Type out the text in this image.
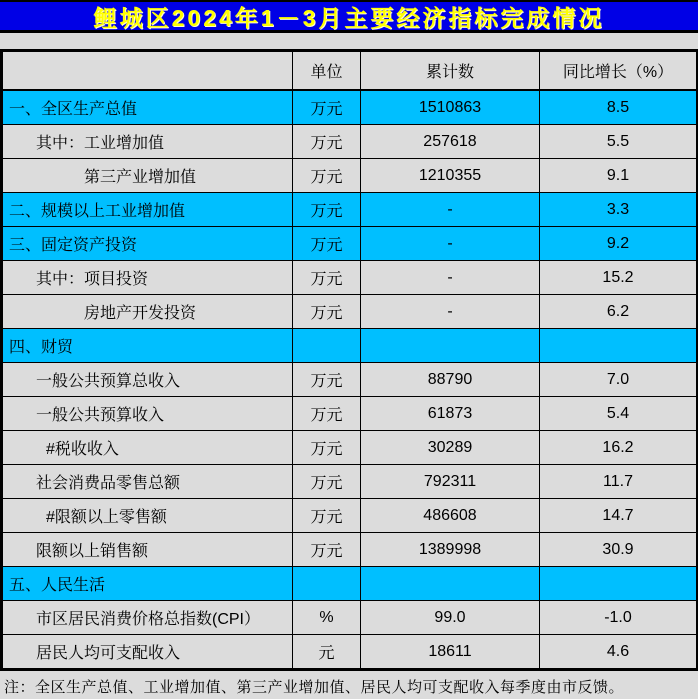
鲤城区2024年1－3月主要经济指标完成情况
	单位	累计数	同比增长（%）
一、全区生产总值	万元	1510863	8.5
其中：工业增加值	万元	257618	5.5
第三产业增加值	万元	1210355	9.1
二、规模以上工业增加值	万元	-	3.3
三、固定资产投资	万元	-	9.2
其中：项目投资	万元	-	15.2
房地产开发投资	万元	-	6.2
四、财贸			
一般公共预算总收入	万元	88790	7.0
一般公共预算收入	万元	61873	5.4
#税收收入	万元	30289	16.2
社会消费品零售总额	万元	792311	11.7
#限额以上零售额	万元	486608	14.7
限额以上销售额	万元	1389998	30.9
五、人民生活			
市区居民消费价格总指数(CPI）	%	99.0	-1.0
居民人均可支配收入	元	18611	4.6
注：全区生产总值、工业增加值、第三产业增加值、居民人均可支配收入每季度由市反馈。
